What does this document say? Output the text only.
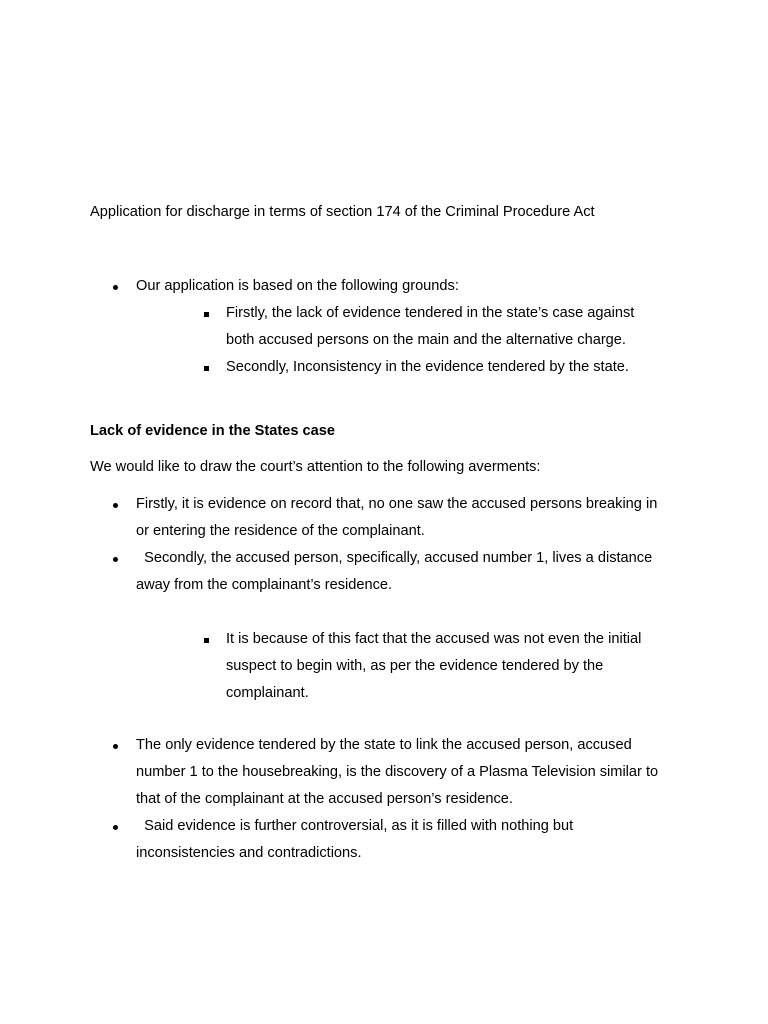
Application for discharge in terms of section 174 of the Criminal Procedure Act
Our application is based on the following grounds:
Firstly, the lack of evidence tendered in the state’s case against
both accused persons on the main and the alternative charge.
Secondly, Inconsistency in the evidence tendered by the state.
Lack of evidence in the States case
We would like to draw the court’s attention to the following averments:
Firstly, it is evidence on record that, no one saw the accused persons breaking in
or entering the residence of the complainant.
Secondly, the accused person, specifically, accused number 1, lives a distance
away from the complainant’s residence.
It is because of this fact that the accused was not even the initial
suspect to begin with, as per the evidence tendered by the
complainant.
The only evidence tendered by the state to link the accused person, accused
number 1 to the housebreaking, is the discovery of a Plasma Television similar to
that of the complainant at the accused person’s residence.
Said evidence is further controversial, as it is filled with nothing but
inconsistencies and contradictions.
